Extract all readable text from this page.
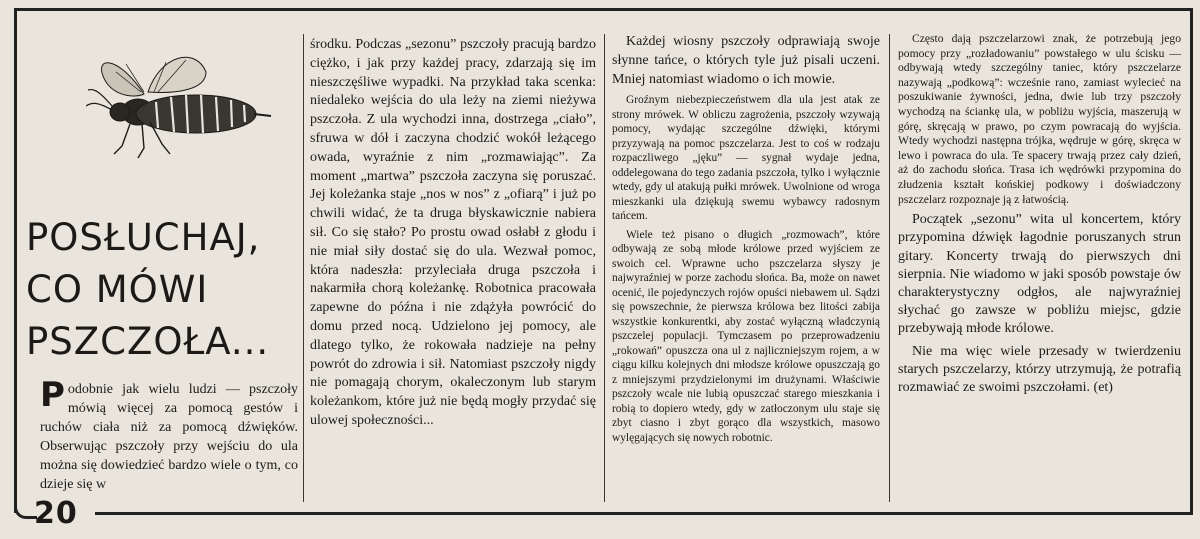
20
POSŁUCHAJ,
CO MÓWI
PSZCZOŁA...

Podobnie jak wielu ludzi — pszczoły mówią więcej za pomocą gestów i ruchów ciała niż za pomocą dźwięków. Obserwując pszczoły przy wejściu do ula można się dowiedzieć bardzo wiele o tym, co dzieje się w

środku. Podczas „sezonu” pszczoły pracują bardzo ciężko, i jak przy każdej pracy, zdarzają się im nieszczęśliwe wypadki. Na przykład taka scenka: niedaleko wejścia do ula leży na ziemi nieżywa pszczoła. Z ula wychodzi inna, dostrzega „ciało”, sfruwa w dół i zaczyna chodzić wokół leżącego owada, wyraźnie z nim „rozmawiając”. Za moment „martwa” pszczoła zaczyna się poruszać. Jej koleżanka staje „nos w nos” z „ofiarą” i już po chwili widać, że ta druga błyskawicznie nabiera sił. Co się stało? Po prostu owad osłabł z głodu i nie miał siły dostać się do ula. Wezwał pomoc, która nadeszła: przyleciała druga pszczoła i nakarmiła chorą koleżankę. Robotnica pracowała zapewne do późna i nie zdążyła powrócić do domu przed nocą. Udzielono jej pomocy, ale dlatego tylko, że rokowała nadzieje na pełny powrót do zdrowia i sił. Natomiast pszczoły nigdy nie pomagają chorym, okaleczonym lub starym koleżankom, które już nie będą mogły przydać się ulowej społeczności...

Każdej wiosny pszczoły odprawiają swoje słynne tańce, o których tyle już pisali uczeni. Mniej natomiast wiadomo o ich mowie.

Groźnym niebezpieczeństwem dla ula jest atak ze strony mrówek. W obliczu zagrożenia, pszczoły wzywają pomocy, wydając szczególne dźwięki, którymi przyzywają na pomoc pszczelarza. Jest to coś w rodzaju rozpaczliwego „jęku” — sygnał wydaje jedna, oddelegowana do tego zadania pszczoła, tylko i wyłącznie wtedy, gdy ul atakują pułki mrówek. Uwolnione od wroga mieszkanki ula dziękują swemu wybawcy radosnym tańcem.

Wiele też pisano o długich „rozmowach”, które odbywają ze sobą młode królowe przed wyjściem ze swoich cel. Wprawne ucho pszczelarza słyszy je najwyraźniej w porze zachodu słońca. Ba, może on nawet ocenić, ile pojedynczych rojów opuści niebawem ul. Sądzi się powszechnie, że pierwsza królowa bez litości zabija wszystkie konkurentki, aby zostać wyłączną władczynią pszczelej populacji. Tymczasem po przeprowadzeniu „rokowań” opuszcza ona ul z najliczniejszym rojem, a w ciągu kilku kolejnych dni młodsze królowe opuszczają go z mniejszymi przydzielonymi im drużynami. Właściwie pszczoły wcale nie lubią opuszczać starego mieszkania i robią to dopiero wtedy, gdy w zatłoczonym ulu staje się zbyt ciasno i zbyt gorąco dla wszystkich, masowo wylęgających się nowych robotnic.

Często dają pszczelarzowi znak, że potrzebują jego pomocy przy „rozładowaniu” powstałego w ulu ścisku — odbywają wtedy szczególny taniec, który pszczelarze nazywają „podkową”: wcześnie rano, zamiast wylecieć na poszukiwanie żywności, jedna, dwie lub trzy pszczoły wychodzą na ściankę ula, w pobliżu wyjścia, maszerują w górę, skręcają w prawo, po czym powracają do wyjścia. Wtedy wychodzi następna trójka, wędruje w górę, skręca w lewo i powraca do ula. Te spacery trwają przez cały dzień, aż do zachodu słońca. Trasa ich wędrówki przypomina do złudzenia kształt końskiej podkowy i doświadczony pszczelarz rozpoznaje ją z łatwością.

Początek „sezonu” wita ul koncertem, który przypomina dźwięk łagodnie poruszanych strun gitary. Koncerty trwają do pierwszych dni sierpnia. Nie wiadomo w jaki sposób powstaje ów charakterystyczny odgłos, ale najwyraźniej słychać go zawsze w pobliżu miejsc, gdzie przebywają młode królowe.

Nie ma więc wiele przesady w twierdzeniu starych pszczelarzy, którzy utrzymują, że potrafią rozmawiać ze swoimi pszczołami. (et)
